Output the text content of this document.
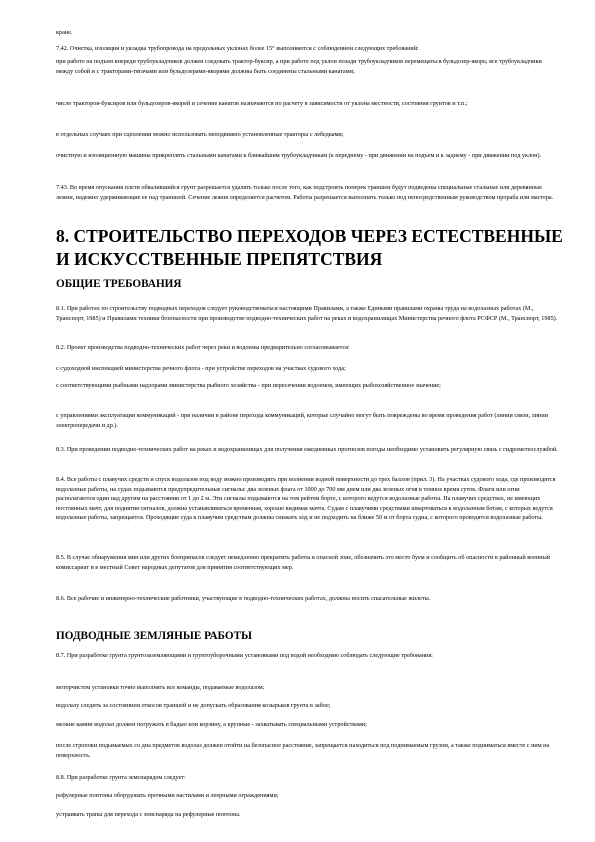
кране.

7.42. Очистка, изоляция и укладка трубопровода на продольных уклонах более 15° выполняются с соблюдением следующих требований:

при работе на подъем впереди трубоукладчиков должен следовать трактор-буксир, а при работе под уклон позади трубоукладчиков перемещаться бульдозер-якорь; все трубоукладчики между собой и с тракторами-тягачами или бульдозерами-якорями должны быть соединены стальными канатами;

число тракторов-буксиров или бульдозеров-якорей и сечение канатов назначаются по расчету в зависимости от уклона местности, состояния грунтов и т.п.;

в отдельных случаях при сцеплении можно использовать неподвижно установленные тракторы с лебедками;

очистную и изоляционную машины прикреплять стальными канатами к ближайшим трубоукладчикам (к переднему - при движении на подъем и к заднему - при движении под уклон).

7.43. Во время опускания плети обвалившийся грунт разрешается удалять только после того, как подстроить поперек траншеи будут подведены специальные стальные или деревянные лежни, надежно удерживающие ее над траншеей. Сечение лежня определяется расчетом. Работы разрешается выполнять только под непосредственным руководством прораба или мастера.

8. СТРОИТЕЛЬСТВО ПЕРЕХОДОВ ЧЕРЕЗ ЕСТЕСТВЕННЫЕ И ИСКУССТВЕННЫЕ ПРЕПЯТСТВИЯ
ОБЩИЕ ТРЕБОВАНИЯ

8.1. При работах по строительству подводных переходов следует руководствоваться настоящими Правилами, а также Едиными правилами охраны труда на водолазных работах (М., Транспорт, 1985) и Правилами техники безопасности при производстве подводно-технических работ на реках и водохранилищах Министерства речного флота РСФСР (М., Транспорт, 1985).

8.2. Проект производства подводно-технических работ через реки и водоемы предварительно согласовывается:

с судоходной инспекцией министерства речного флота - при устройстве переходов на участках судового хода;

с соответствующими рыбными надзорами министерства рыбного хозяйства - при пересечении водоемов, имеющих рыбохозяйственное значение;

с управлениями эксплуатации коммуникаций - при наличии в районе перехода коммуникаций, которые случайно могут быть повреждены во время проведения работ (линии связи, линии электропередачи и др.).

8.3. При проведении подводно-технических работ на реках и водохранилищах для получения ежедневных прогнозов погоды необходимо установить регулярную связь с гидрометеослужбой.

8.4. Все работы с плавучих средств и спуск водолазов под воду можно производить при волнении водной поверхности до трех баллов (прил. 3). На участках судового хода, где производятся водолазные работы, на судах подымаются предупредительные сигналы: два зеленых флага от 1000 до 700 мм днем или два зеленых огня в темное время суток. Флаги или огни располагаются один над другим на расстоянии от 1 до 2 м. Эти сигналы подымаются на том рейтом борте, с которого ведутся водолазные работы. На плавучих средствах, не имеющих постоянных мачт, для поднятия сигналов, должна устанавливаться временная, хорошо видимая мачта. Судам с плавучими средствами швартоваться к водолазным ботам, с которых ведутся водолазные работы, запрещается. Проходящие суда к плавучим средствам должны снижать ход и не подходить на ближе 50 м от борта судна, с которого проводятся водолазные работы.

8.5. В случае обнаружения мин или других боеприпасов следует немедленно прекратить работы в опасной зоне, обозначить это место буем и сообщить об опасности в районный военный комиссариат и в местный Совет народных депутатов для принятия соответствующих мер.

8.6. Все рабочие и инженерно-технические работники, участвующие в подводно-технических работах, должны носить спасательные жилеты.

ПОДВОДНЫЕ ЗЕМЛЯНЫЕ РАБОТЫ

8.7. При разработке грунта грунтозаземляющими и грунтоуборочными установками под водой необходимо соблюдать следующие требования:

моторчистом установки точно выполнять все команды, подаваемые водолазом;

водолазу следить за состоянием откосов траншей и не допускать образования козырьков грунта в забое;

мелкие камни водолаз должен погружать в бадью или корзину, а крупные - захватывать специальными устройствами;

после стропоки подымаемых со дна предметов водолаз должен отойти на безопасное расстояние, запрещается находиться под поднимаемым грузом, а также подниматься вместе с ним на поверхность.

8.8. При разработке грунта земснарядом следует:

рефулерные понтоны оборудовать прочными настилами и леерными ограждениями;

устраивать трапы для перехода с земснаряда на рефулерные понтоны.
